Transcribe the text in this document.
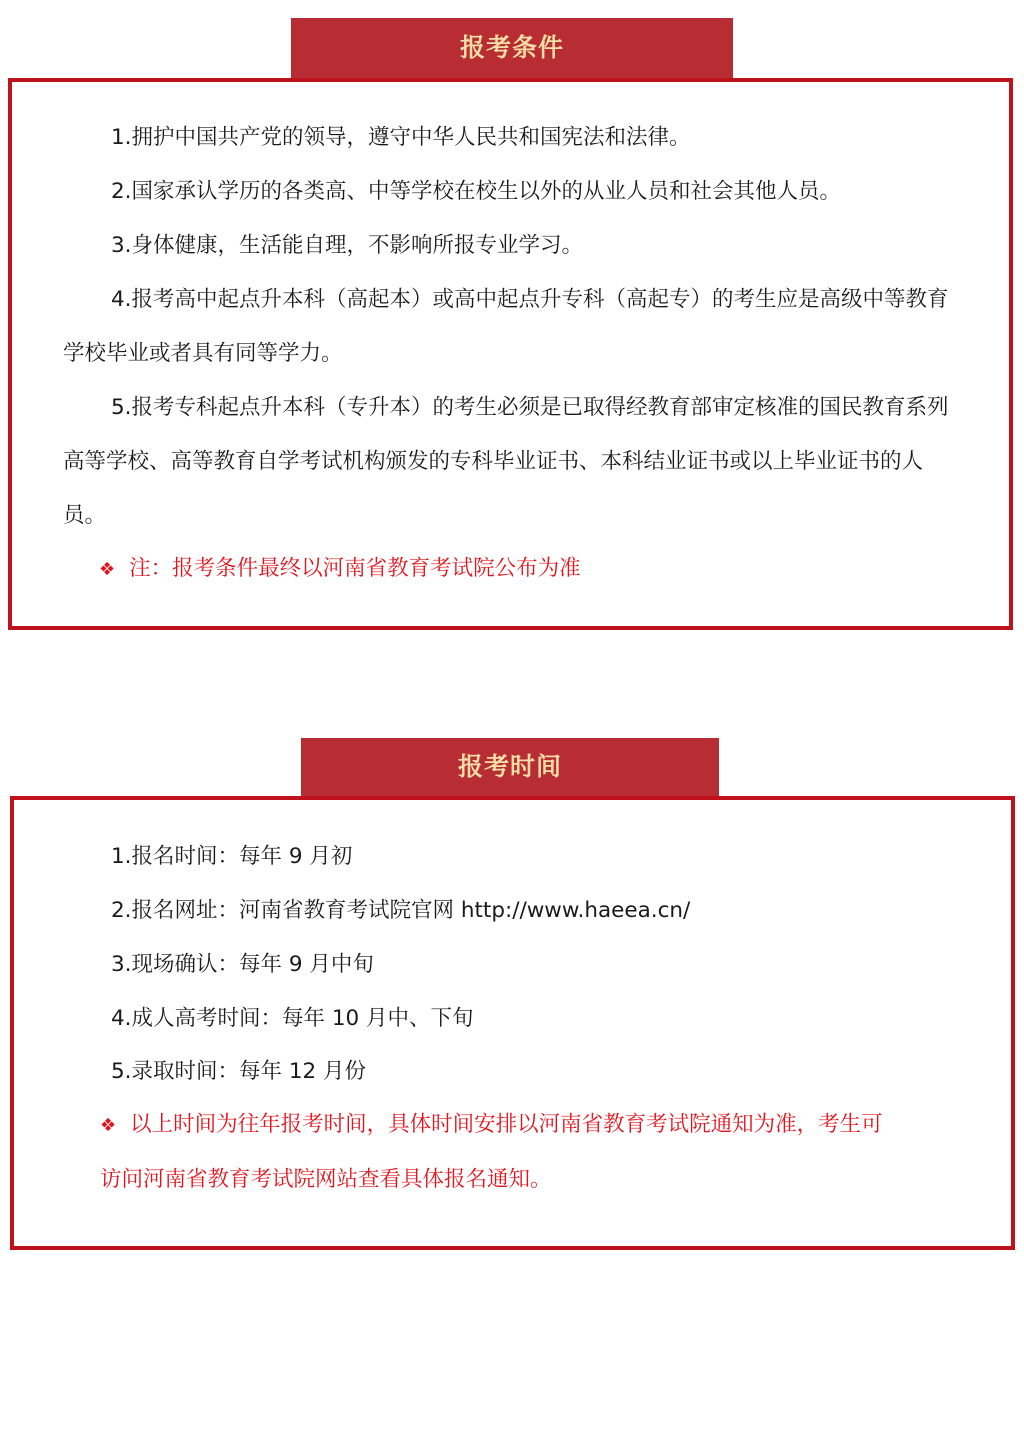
报考条件

1.拥护中国共产党的领导，遵守中华人民共和国宪法和法律。

2.国家承认学历的各类高、中等学校在校生以外的从业人员和社会其他人员。

3.身体健康，生活能自理，不影响所报专业学习。

4.报考高中起点升本科（高起本）或高中起点升专科（高起专）的考生应是高级中等教育学校毕业或者具有同等学力。

5.报考专科起点升本科（专升本）的考生必须是已取得经教育部审定核准的国民教育系列高等学校、高等教育自学考试机构颁发的专科毕业证书、本科结业证书或以上毕业证书的人员。

❖ 注：报考条件最终以河南省教育考试院公布为准

报考时间

1.报名时间：每年 9 月初

2.报名网址：河南省教育考试院官网 http://www.haeea.cn/

3.现场确认：每年 9 月中旬

4.成人高考时间：每年 10 月中、下旬

5.录取时间：每年 12 月份

❖ 以上时间为往年报考时间，具体时间安排以河南省教育考试院通知为准，考生可访问河南省教育考试院网站查看具体报名通知。
